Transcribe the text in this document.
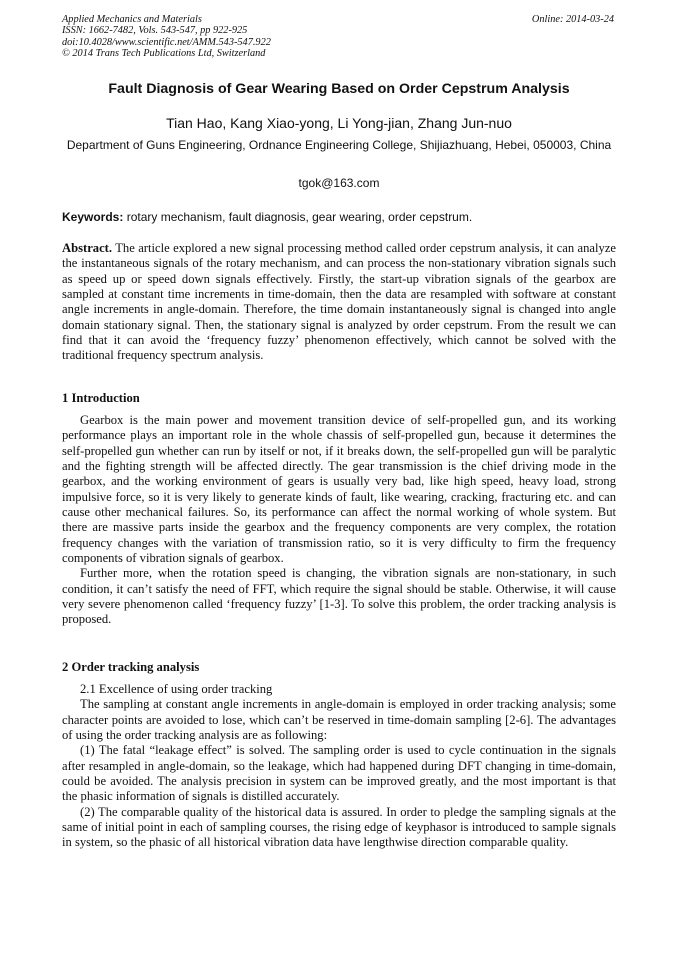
Applied Mechanics and Materials
ISSN: 1662-7482, Vols. 543-547, pp 922-925
doi:10.4028/www.scientific.net/AMM.543-547.922
© 2014 Trans Tech Publications Ltd, Switzerland
Online: 2014-03-24
Fault Diagnosis of Gear Wearing Based on Order Cepstrum Analysis
Tian Hao, Kang Xiao-yong, Li Yong-jian, Zhang Jun-nuo
Department of Guns Engineering, Ordnance Engineering College, Shijiazhuang, Hebei, 050003, China
tgok@163.com
Keywords: rotary mechanism, fault diagnosis, gear wearing, order cepstrum.

Abstract. The article explored a new signal processing method called order cepstrum analysis, it can analyze the instantaneous signals of the rotary mechanism, and can process the non-stationary vibration signals such as speed up or speed down signals effectively. Firstly, the start-up vibration signals of the gearbox are sampled at constant time increments in time-domain, then the data are resampled with software at constant angle increments in angle-domain. Therefore, the time domain instantaneously signal is changed into angle domain stationary signal. Then, the stationary signal is analyzed by order cepstrum. From the result we can find that it can avoid the ‘frequency fuzzy’ phenomenon effectively, which cannot be solved with the traditional frequency spectrum analysis.

1 Introduction

Gearbox is the main power and movement transition device of self-propelled gun, and its working performance plays an important role in the whole chassis of self-propelled gun, because it determines the self-propelled gun whether can run by itself or not, if it breaks down, the self-propelled gun will be paralytic and the fighting strength will be affected directly. The gear transmission is the chief driving mode in the gearbox, and the working environment of gears is usually very bad, like high speed, heavy load, strong impulsive force, so it is very likely to generate kinds of fault, like wearing, cracking, fracturing etc. and can cause other mechanical failures. So, its performance can affect the normal working of whole system. But there are massive parts inside the gearbox and the frequency components are very complex, the rotation frequency changes with the variation of transmission ratio, so it is very difficulty to firm the frequency components of vibration signals of gearbox.

Further more, when the rotation speed is changing, the vibration signals are non-stationary, in such condition, it can’t satisfy the need of FFT, which require the signal should be stable. Otherwise, it will cause very severe phenomenon called ‘frequency fuzzy’ [1-3]. To solve this problem, the order tracking analysis is proposed.

2 Order tracking analysis

2.1 Excellence of using order tracking

The sampling at constant angle increments in angle-domain is employed in order tracking analysis; some character points are avoided to lose, which can’t be reserved in time-domain sampling [2-6]. The advantages of using the order tracking analysis are as following:

(1) The fatal “leakage effect” is solved. The sampling order is used to cycle continuation in the signals after resampled in angle-domain, so the leakage, which had happened during DFT changing in time-domain, could be avoided. The analysis precision in system can be improved greatly, and the most important is that the phasic information of signals is distilled accurately.

(2) The comparable quality of the historical data is assured. In order to pledge the sampling signals at the same of initial point in each of sampling courses, the rising edge of keyphasor is introduced to sample signals in system, so the phasic of all historical vibration data have lengthwise direction comparable quality.
